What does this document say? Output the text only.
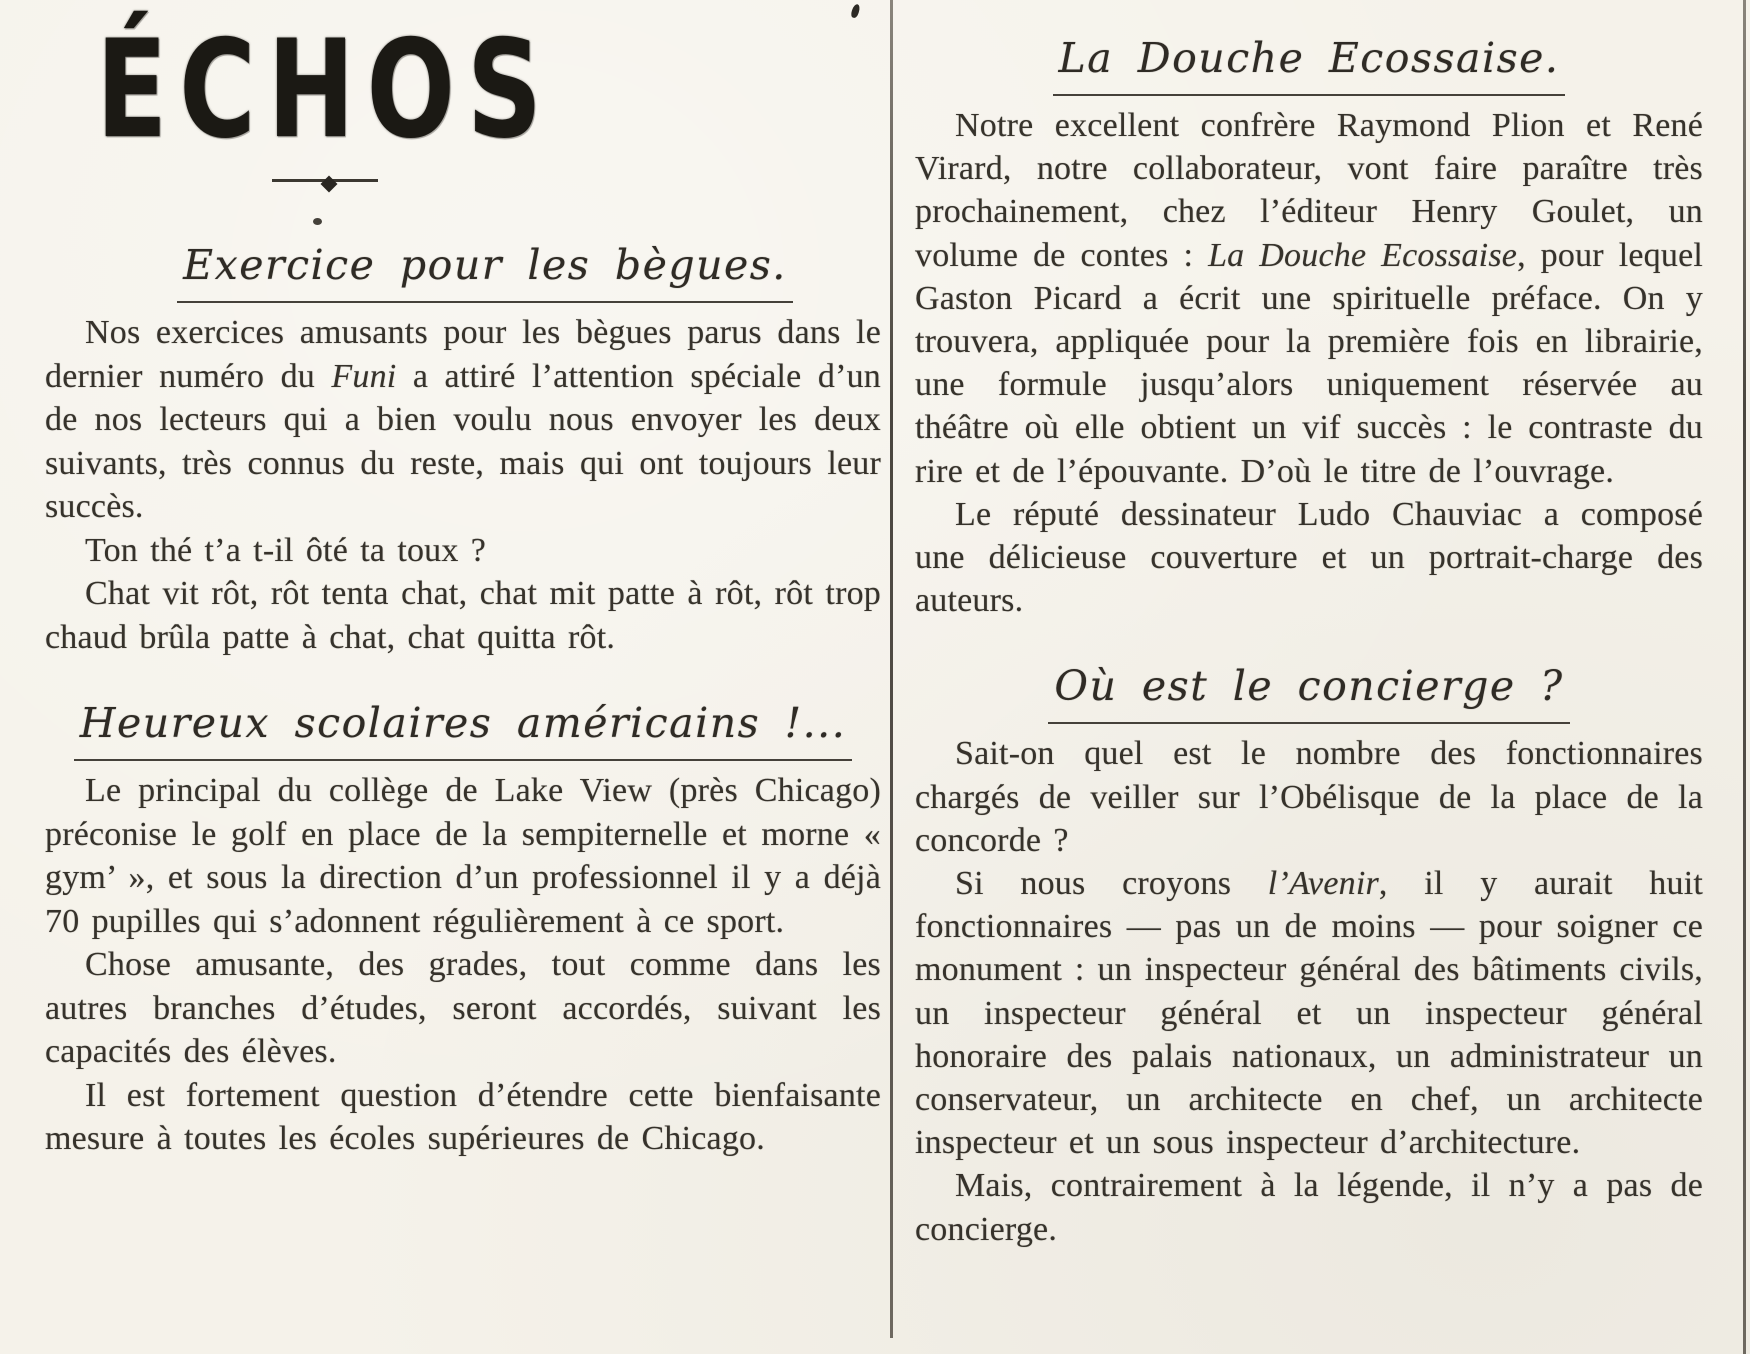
ÉCHOS
Exercice pour les bègues.

Nos exercices amusants pour les bègues parus dans le dernier numéro du Funi a attiré l’attention spéciale d’un de nos lecteurs qui a bien voulu nous envoyer les deux suivants, très connus du reste, mais qui ont toujours leur succès.

Ton thé t’a t-il ôté ta toux ?

Chat vit rôt, rôt tenta chat, chat mit patte à rôt, rôt trop chaud brûla patte à chat, chat quitta rôt.

Heureux scolaires américains !...

Le principal du collège de Lake View (près Chicago) préconise le golf en place de la sempiternelle et morne « gym’ », et sous la direction d’un professionnel il y a déjà 70 pupilles qui s’adonnent régulièrement à ce sport.

Chose amusante, des grades, tout comme dans les autres branches d’études, seront accordés, suivant les capacités des élèves.

Il est fortement question d’étendre cette bienfaisante mesure à toutes les écoles supérieures de Chicago.

La Douche Ecossaise.

Notre excellent confrère Raymond Plion et René Virard, notre collaborateur, vont faire paraître très prochainement, chez l’éditeur Henry Goulet, un volume de contes : La Douche Ecossaise, pour lequel Gaston Picard a écrit une spirituelle préface. On y trouvera, appliquée pour la première fois en librairie, une formule jusqu’alors uniquement réservée au théâtre où elle obtient un vif succès : le contraste du rire et de l’épouvante. D’où le titre de l’ouvrage.

Le réputé dessinateur Ludo Chauviac a composé une délicieuse couverture et un portrait-charge des auteurs.

Où est le concierge ?

Sait-on quel est le nombre des fonctionnaires chargés de veiller sur l’Obélisque de la place de la concorde ?

Si nous croyons l’Avenir, il y aurait huit fonctionnaires — pas un de moins — pour soigner ce monument : un inspecteur général des bâtiments civils, un inspecteur général et un inspecteur général honoraire des palais nationaux, un administrateur un conservateur, un architecte en chef, un architecte inspecteur et un sous inspecteur d’architecture.

Mais, contrairement à la légende, il n’y a pas de concierge.
